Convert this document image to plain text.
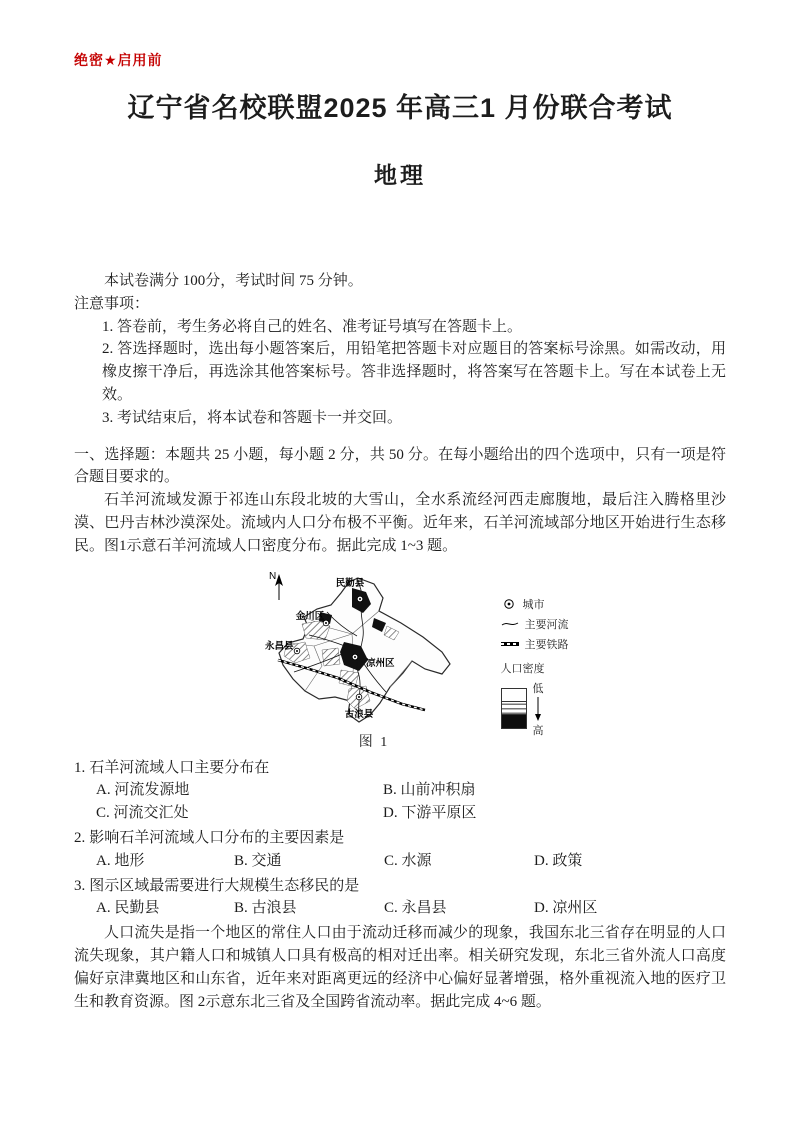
绝密★启用前
辽宁省名校联盟2025 年高三1 月份联合考试
地理

本试卷满分 100分，考试时间 75 分钟。

注意事项：

1. 答卷前，考生务必将自己的姓名、准考证号填写在答题卡上。

2. 答选择题时，选出每小题答案后，用铅笔把答题卡对应题目的答案标号涂黑。如需改动，用橡皮擦干净后，再选涂其他答案标号。答非选择题时，将答案写在答题卡上。写在本试卷上无效。

3. 考试结束后，将本试卷和答题卡一并交回。

一、选择题：本题共 25 小题，每小题 2 分，共 50 分。在每小题给出的四个选项中，只有一项是符合题目要求的。

石羊河流域发源于祁连山东段北坡的大雪山，全水系流经河西走廊腹地，最后注入腾格里沙漠、巴丹吉林沙漠深处。流域内人口分布极不平衡。近年来，石羊河流域部分地区开始进行生态移民。图1示意石羊河流域人口密度分布。据此完成 1~3 题。

N
民勤县
金川区
永昌县
凉州区
古浪县
图 1
城市
主要河流
主要铁路
人口密度
低
高

1. 石羊河流域人口主要分布在

A. 河流发源地	B. 山前冲积扇
C. 河流交汇处	D. 下游平原区

2. 影响石羊河流域人口分布的主要因素是

A. 地形	B. 交通	C. 水源	D. 政策

3. 图示区域最需要进行大规模生态移民的是

A. 民勤县	B. 古浪县	C. 永昌县	D. 凉州区

人口流失是指一个地区的常住人口由于流动迁移而减少的现象，我国东北三省存在明显的人口流失现象，其户籍人口和城镇人口具有极高的相对迁出率。相关研究发现，东北三省外流人口高度偏好京津冀地区和山东省，近年来对距离更远的经济中心偏好显著增强，格外重视流入地的医疗卫生和教育资源。图 2示意东北三省及全国跨省流动率。据此完成 4~6 题。
